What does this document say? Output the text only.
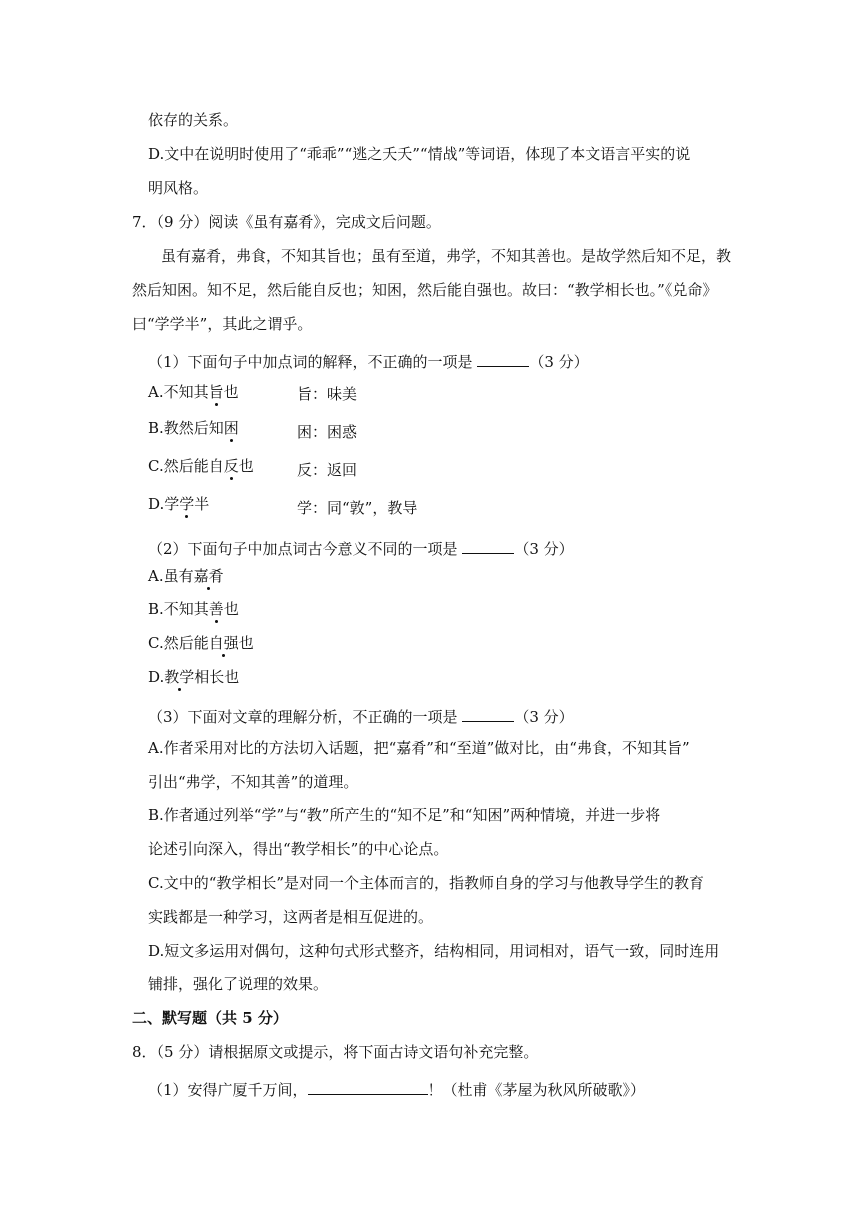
依存的关系。
D.文中在说明时使用了“乖乖”“逃之夭夭”“情战”等词语，体现了本文语言平实的说
明风格。
7．（9 分）阅读《虽有嘉肴》，完成文后问题。
虽有嘉肴，弗食，不知其旨也；虽有至道，弗学，不知其善也。是故学然后知不足，教
然后知困。知不足，然后能自反也；知困，然后能自强也。故曰：“教学相长也。”《兑命》
曰“学学半”，其此之谓乎。
（1）下面句子中加点词的解释，不正确的一项是	（3 分）
A.不知其旨也	旨：味美
B.教然后知困	困：困惑
C.然后能自反也	反：返回
D.学学半	学：同“敦”，教导
（2）下面句子中加点词古今意义不同的一项是	（3 分）
A.虽有嘉肴
B.不知其善也
C.然后能自强也
D.教学相长也
（3）下面对文章的理解分析，不正确的一项是	（3 分）
A.作者采用对比的方法切入话题，把“嘉肴”和“至道”做对比，由“弗食，不知其旨”
引出“弗学，不知其善”的道理。
B.作者通过列举“学”与“教”所产生的“知不足”和“知困”两种情境，并进一步将
论述引向深入，得出“教学相长”的中心论点。
C.文中的“教学相长”是对同一个主体而言的，指教师自身的学习与他教导学生的教育
实践都是一种学习，这两者是相互促进的。
D.短文多运用对偶句，这种句式形式整齐，结构相同，用词相对，语气一致，同时连用
铺排，强化了说理的效果。
二、默写题（共 5 分）
8．（5 分）请根据原文或提示，将下面古诗文语句补充完整。
（1）安得广厦千万间，	！（杜甫《茅屋为秋风所破歌》）
